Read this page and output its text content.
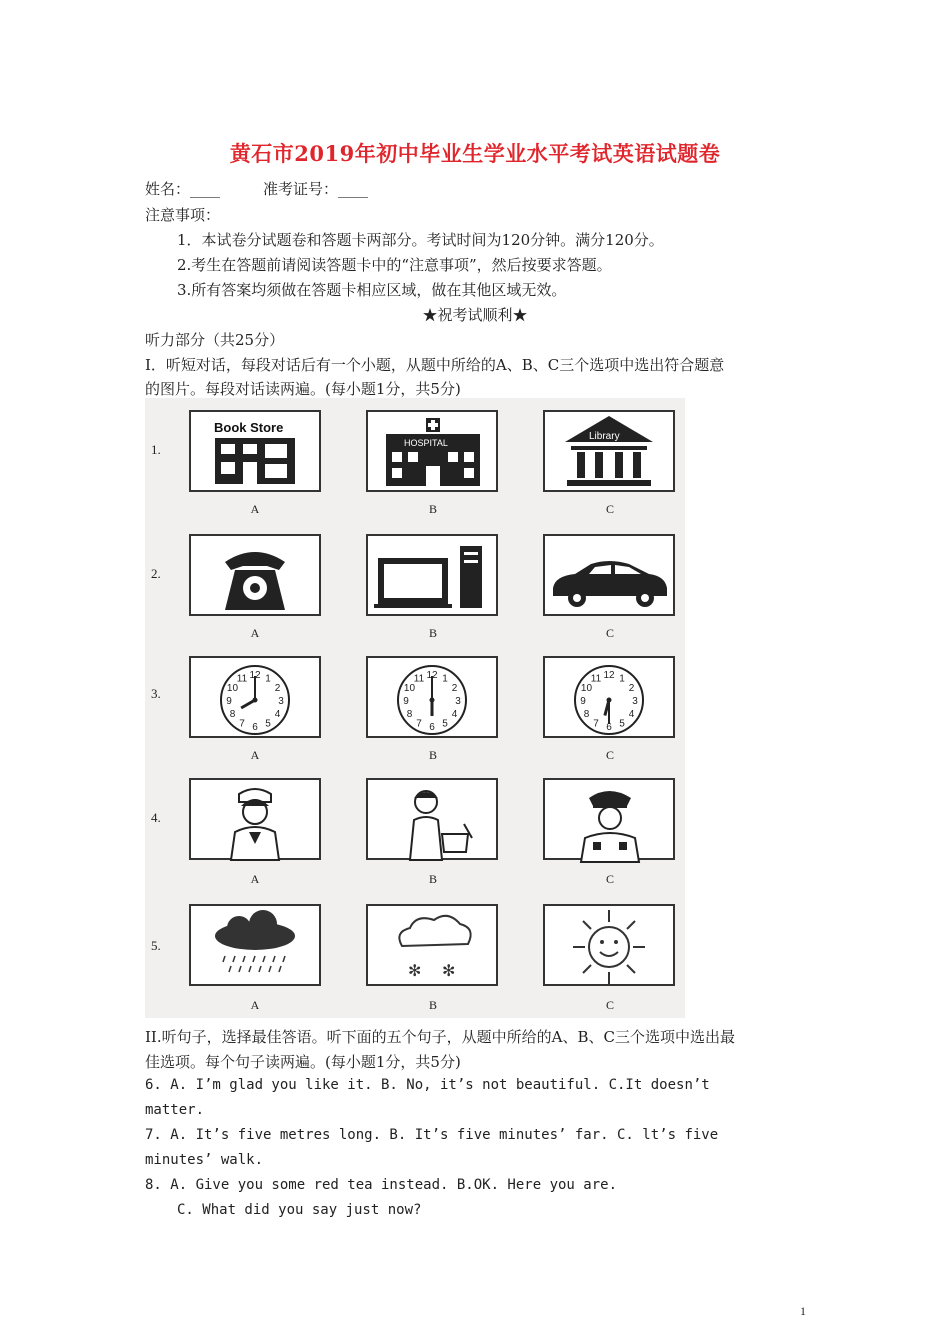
黄石市2019年初中毕业生学业水平考试英语试题卷
姓名：____	准考证号：____
注意事项：
1．本试卷分试题卷和答题卡两部分。考试时间为120分钟。满分120分。
2.考生在答题前请阅读答题卡中的“注意事项”，然后按要求答题。
3.所有答案均须做在答题卡相应区域，做在其他区域无效。
★祝考试顺利★
听力部分（共25分）
I．听短对话，每段对话后有一个小题，从题中所给的A、B、C三个选项中选出符合题意
的图片。每段对话读两遍。(每小题1分，共5分)
1.
Book Store
A
HOSPITAL
B
Library
C
2.
A	B	C
3.
1
2
3
4
5
6
7
8
9
10
11 12
A
1
2
3
4
5
6
7
8
9
10
11 12
B
1
2
3
4
5
6
7
8
9
10
11 12
C
4.
A	B	C
5.
A
✻ ✻
B	C
II.听句子，选择最佳答语。听下面的五个句子，从题中所给的A、B、C三个选项中选出最
佳选项。每个句子读两遍。(每小题1分，共5分)
6. A. I’m glad you like it. B. No, it’s not beautiful. C.It doesn’t
matter.
7. A. It’s five metres long. B. It’s five minutes’ far. C. lt’s five
minutes’ walk.
8. A. Give you some red tea instead. B.OK. Here you are.
C. What did you say just now?
1
